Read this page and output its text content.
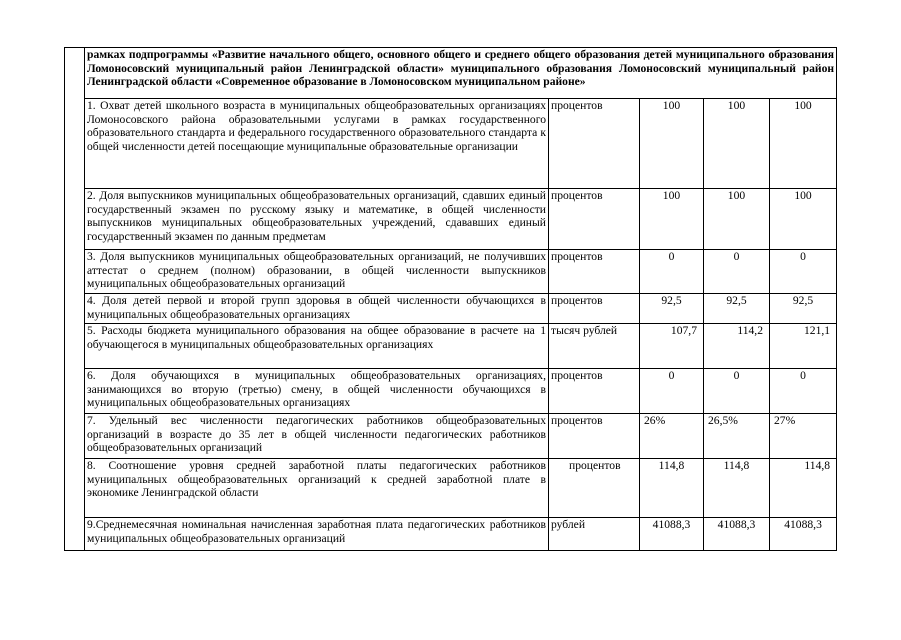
	рамках подпрограммы «Развитие начального общего, основного общего и среднего общего образования детей муниципального образования Ломоносовский муниципальный район Ленинградской области» муниципального образования Ломоносовский муниципальный район Ленинградской области «Современное образование в Ломоносовском муниципальном районе»				
	1. Охват детей школьного возраста в муниципальных общеобразовательных организациях Ломоносовского района образовательными услугами в рамках государственного образовательного стандарта и федерального государственного образовательного стандарта к общей численности детей посещающие муниципальные образовательные организации	процентов	100	100	100
	2. Доля выпускников муниципальных общеобразовательных организаций, сдавших единый государственный экзамен по русскому языку и математике, в общей численности выпускников муниципальных общеобразовательных учреждений, сдававших единый государственный экзамен по данным предметам	процентов	100	100	100
	3. Доля выпускников муниципальных общеобразовательных организаций, не получивших аттестат о среднем (полном) образовании, в общей численности выпускников муниципальных общеобразовательных организаций	процентов	0	0	0
	4. Доля детей первой и второй групп здоровья в общей численности обучающихся в муниципальных общеобразовательных организациях	процентов	92,5	92,5	92,5
	5. Расходы бюджета муниципального образования на общее образование в расчете на 1 обучающегося в муниципальных общеобразовательных организациях	тысяч рублей	107,7	114,2	121,1
	6. Доля обучающихся в муниципальных общеобразовательных организациях, занимающихся во вторую (третью) смену, в общей численности обучающихся в муниципальных общеобразовательных организациях	процентов	0	0	0
	7. Удельный вес численности педагогических работников общеобразовательных организаций в возрасте до 35 лет в общей численности педагогических работников общеобразовательных организаций	процентов	26%	26,5%	27%
	8. Соотношение уровня средней заработной платы педагогических работников муниципальных общеобразовательных организаций к средней заработной плате в экономике Ленинградской области	процентов	114,8	114,8	114,8
	9.Среднемесячная номинальная начисленная заработная плата педагогических работников муниципальных общеобразовательных организаций	рублей	41088,3	41088,3	41088,3
